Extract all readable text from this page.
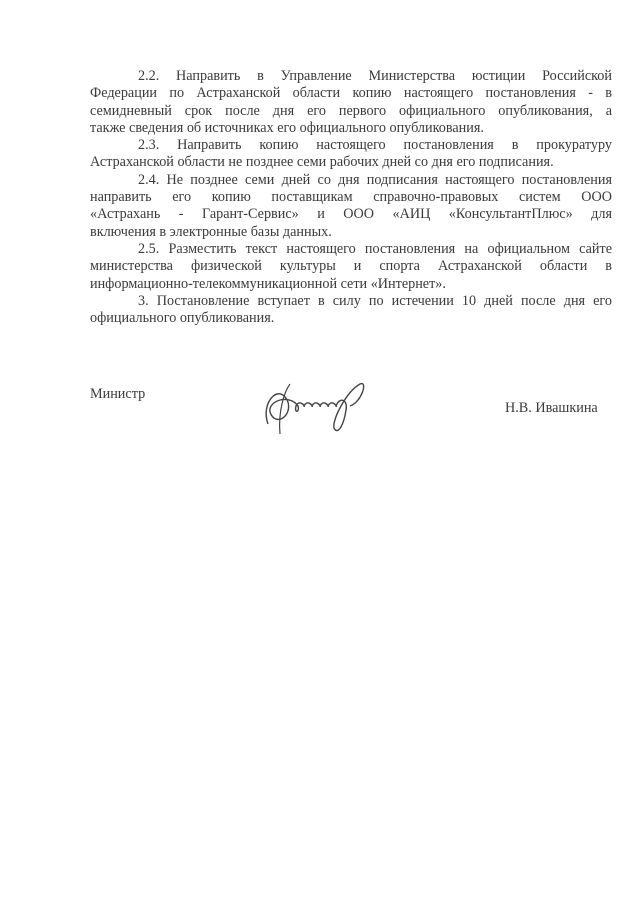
2.2. Направить в Управление Министерства юстиции Российской
Федерации по Астраханской области копию настоящего постановления - в
семидневный срок после дня его первого официального опубликования, а
также сведения об источниках его официального опубликования.
2.3. Направить копию настоящего постановления в прокуратуру
Астраханской области не позднее семи рабочих дней со дня его подписания.
2.4. Не позднее семи дней со дня подписания настоящего постановления
направить его копию поставщикам справочно-правовых систем ООО
«Астрахань - Гарант-Сервис» и ООО «АИЦ «КонсультантПлюс» для
включения в электронные базы данных.
2.5. Разместить текст настоящего постановления на официальном сайте
министерства физической культуры и спорта Астраханской области в
информационно-телекоммуникационной сети «Интернет».
3. Постановление вступает в силу по истечении 10 дней после дня его
официального опубликования.
Министр
Н.В. Ивашкина
